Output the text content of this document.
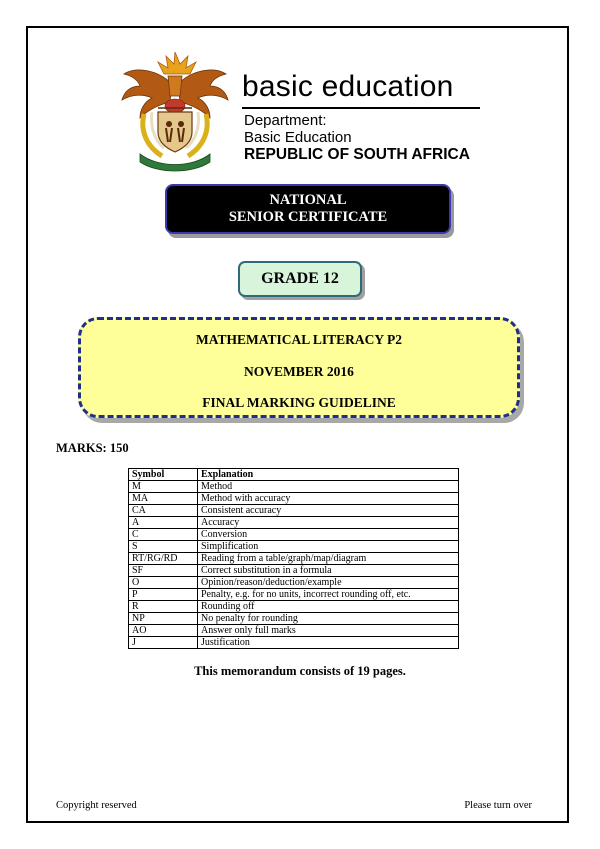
basic education
Department:
Basic Education
REPUBLIC OF SOUTH AFRICA
NATIONAL
SENIOR CERTIFICATE
GRADE 12
MATHEMATICAL LITERACY P2
NOVEMBER 2016
FINAL MARKING GUIDELINE
MARKS: 150
Symbol	Explanation
M	Method
MA	Method with accuracy
CA	Consistent accuracy
A	Accuracy
C	Conversion
S	Simplification
RT/RG/RD	Reading from a table/graph/map/diagram
SF	Correct substitution in a formula
O	Opinion/reason/deduction/example
P	Penalty, e.g. for no units, incorrect rounding off, etc.
R	Rounding off
NP	No penalty for rounding
AO	Answer only full marks
J	Justification
This memorandum consists of 19 pages.
Copyright reserved	Please turn over
